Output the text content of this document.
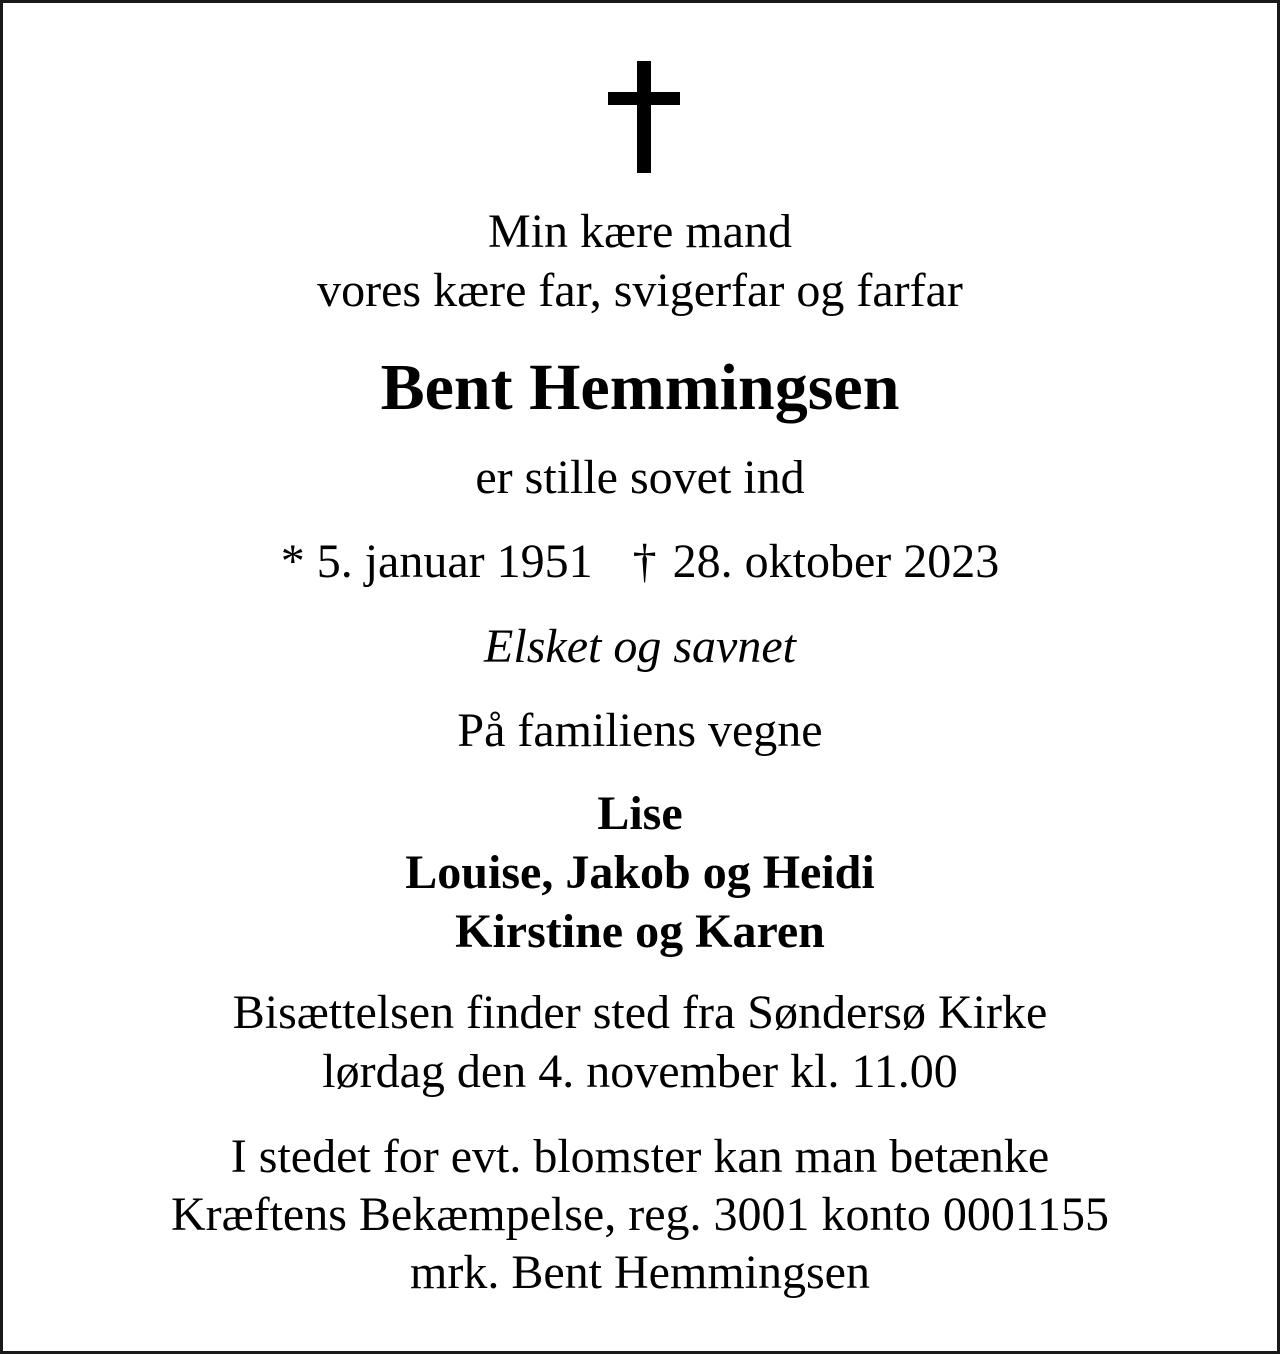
Min kære mand
vores kære far, svigerfar og farfar
Bent Hemmingsen
er stille sovet ind
* 5. januar 1951 † 28. oktober 2023
Elsket og savnet
På familiens vegne
Lise
Louise, Jakob og Heidi
Kirstine og Karen
Bisættelsen finder sted fra Søndersø Kirke
lørdag den 4. november kl. 11.00
I stedet for evt. blomster kan man betænke
Kræftens Bekæmpelse, reg. 3001 konto 0001155
mrk. Bent Hemmingsen
